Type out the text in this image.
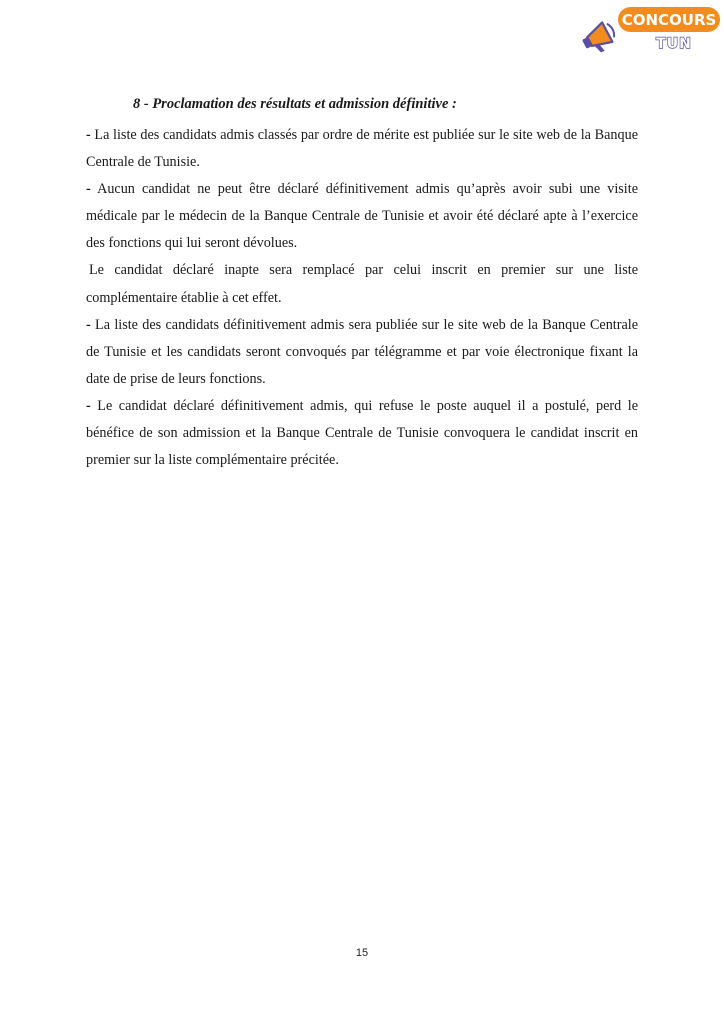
CONCOURS
TUN
8 - Proclamation des résultats et admission définitive :

- La liste des candidats admis classés par ordre de mérite est publiée sur le site web de la Banque Centrale de Tunisie.

- Aucun candidat ne peut être déclaré définitivement admis qu’après avoir subi une visite médicale par le médecin de la Banque Centrale de Tunisie et avoir été déclaré apte à l’exercice des fonctions qui lui seront dévolues.

Le candidat déclaré inapte sera remplacé par celui inscrit en premier sur une liste complémentaire établie à cet effet.

- La liste des candidats définitivement admis sera publiée sur le site web de la Banque Centrale de Tunisie et les candidats seront convoqués par télégramme et par voie électronique fixant la date de prise de leurs fonctions.

- Le candidat déclaré définitivement admis, qui refuse le poste auquel il a postulé, perd le bénéfice de son admission et la Banque Centrale de Tunisie convoquera le candidat inscrit en premier sur la liste complémentaire précitée.

15
